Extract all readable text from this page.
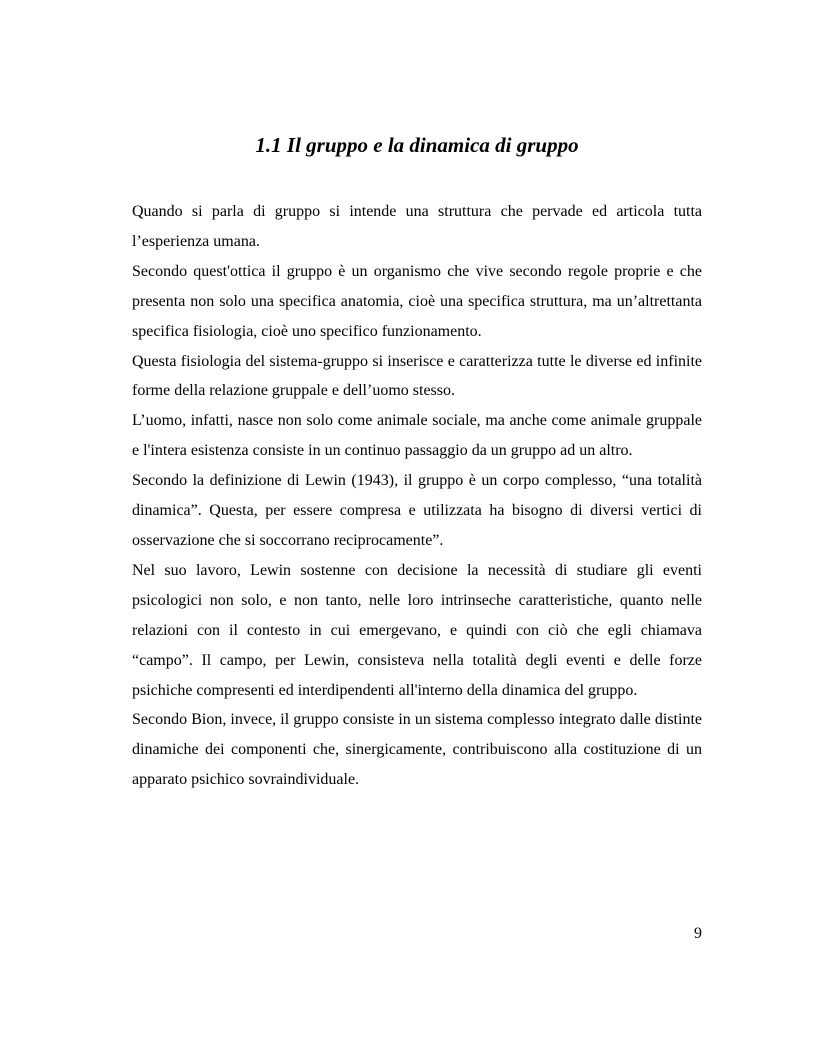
1.1 Il gruppo e la dinamica di gruppo

Quando si parla di gruppo si intende una struttura che pervade ed articola tutta l’esperienza umana.

Secondo quest'ottica il gruppo è un organismo che vive secondo regole proprie e che presenta non solo una specifica anatomia, cioè una specifica struttura, ma un’altrettanta specifica fisiologia, cioè uno specifico funzionamento.

Questa fisiologia del sistema-gruppo si inserisce e caratterizza tutte le diverse ed infinite forme della relazione gruppale e dell’uomo stesso.

L’uomo, infatti, nasce non solo come animale sociale, ma anche come animale gruppale e l'intera esistenza consiste in un continuo passaggio da un gruppo ad un altro.

Secondo la definizione di Lewin (1943), il gruppo è un corpo complesso, “una totalità dinamica”. Questa, per essere compresa e utilizzata ha bisogno di diversi vertici di osservazione che si soccorrano reciprocamente”.

Nel suo lavoro, Lewin sostenne con decisione la necessità di studiare gli eventi psicologici non solo, e non tanto, nelle loro intrinseche caratteristiche, quanto nelle relazioni con il contesto in cui emergevano, e quindi con ciò che egli chiamava “campo”. Il campo, per Lewin, consisteva nella totalità degli eventi e delle forze psichiche compresenti ed interdipendenti all'interno della dinamica del gruppo.

Secondo Bion, invece, il gruppo consiste in un sistema complesso integrato dalle distinte dinamiche dei componenti che, sinergicamente, contribuiscono alla costituzione di un apparato psichico sovraindividuale.

9
